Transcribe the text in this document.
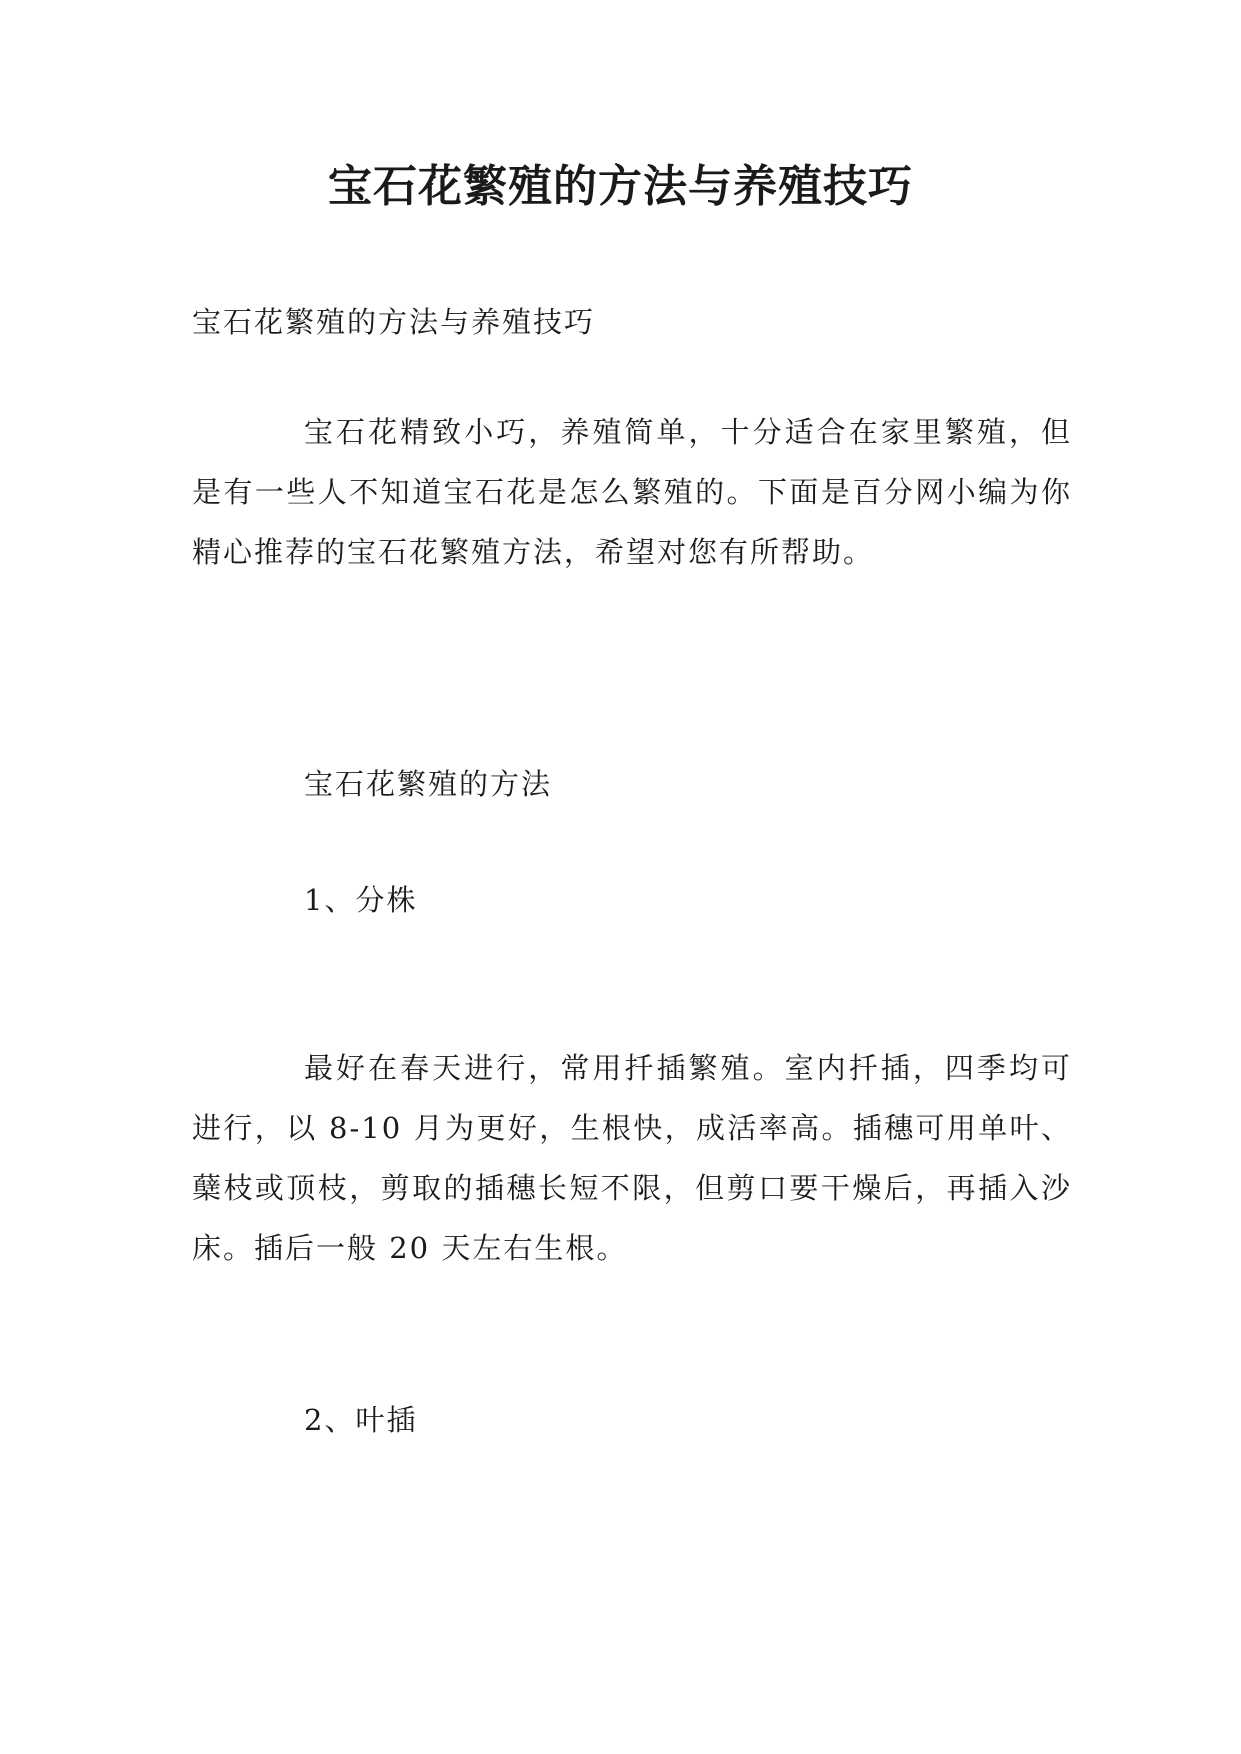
宝石花繁殖的方法与养殖技巧

宝石花繁殖的方法与养殖技巧

宝石花精致小巧，养殖简单，十分适合在家里繁殖，但是有一些人不知道宝石花是怎么繁殖的。下面是百分网小编为你精心推荐的宝石花繁殖方法，希望对您有所帮助。

宝石花繁殖的方法

1、分株

最好在春天进行，常用扦插繁殖。室内扦插，四季均可进行，以 8-10 月为更好，生根快，成活率高。插穗可用单叶、蘖枝或顶枝，剪取的插穗长短不限，但剪口要干燥后，再插入沙床。插后一般 20 天左右生根。

2、叶插
